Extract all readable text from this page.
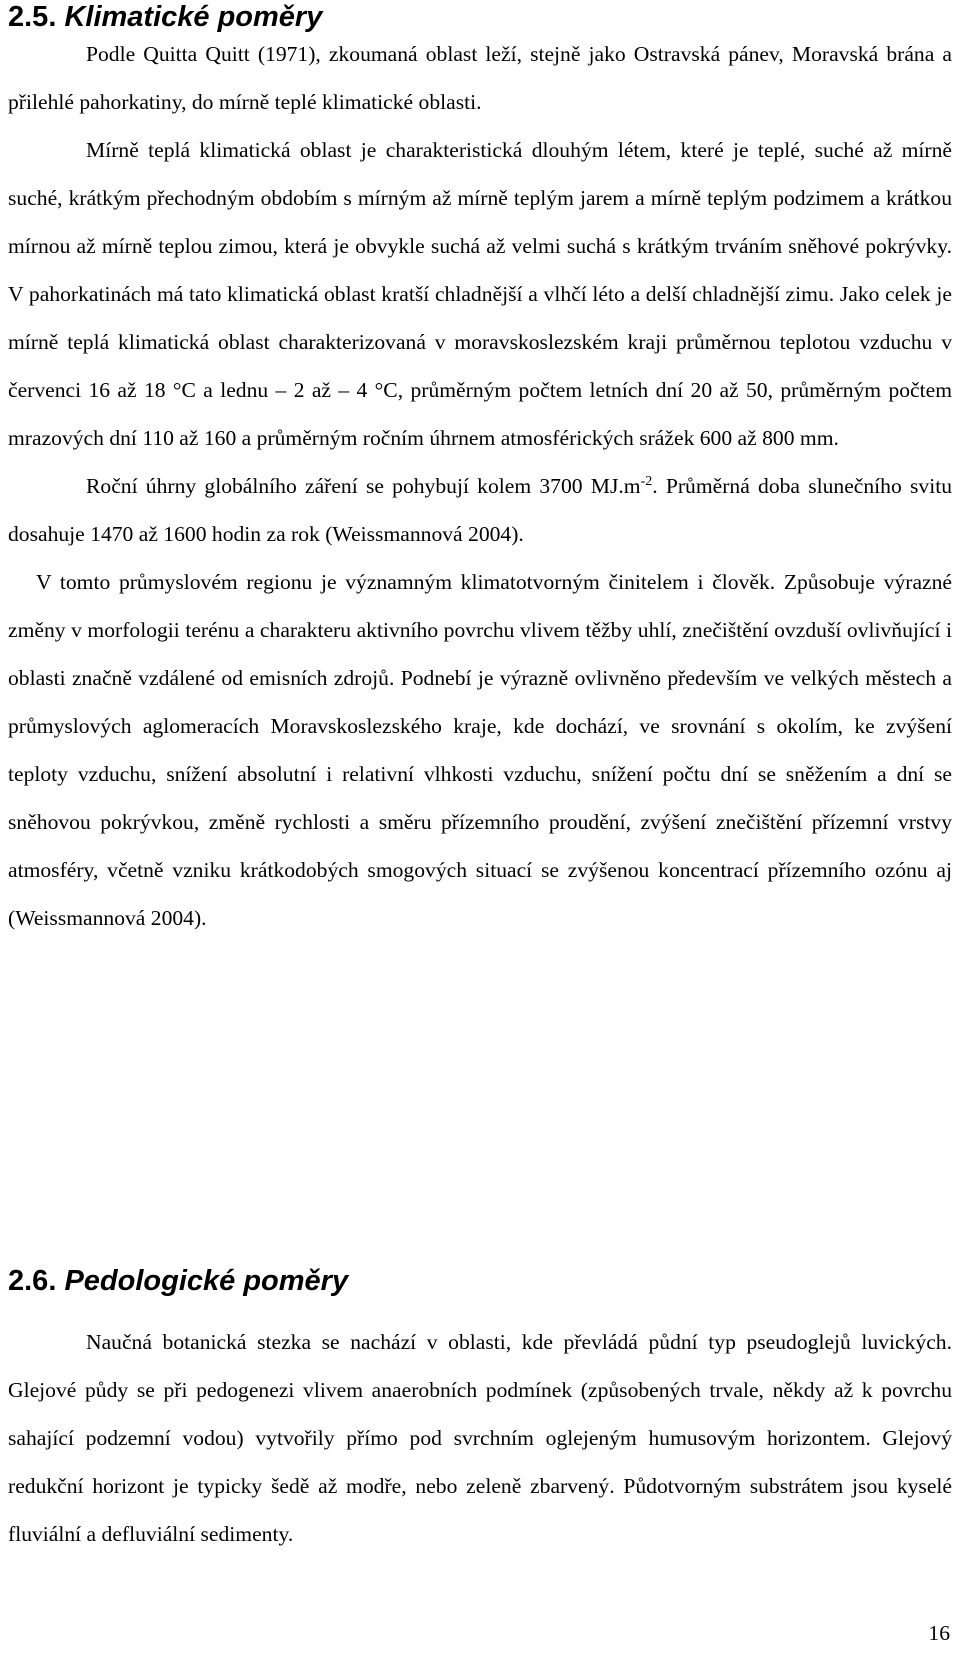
2.5. Klimatické poměry

Podle Quitta Quitt (1971), zkoumaná oblast leží, stejně jako Ostravská pánev, Moravská brána a přilehlé pahorkatiny, do mírně teplé klimatické oblasti.

Mírně teplá klimatická oblast je charakteristická dlouhým létem, které je teplé, suché až mírně suché, krátkým přechodným obdobím s mírným až mírně teplým jarem a mírně teplým podzimem a krátkou mírnou až mírně teplou zimou, která je obvykle suchá až velmi suchá s krátkým trváním sněhové pokrývky. V pahorkatinách má tato klimatická oblast kratší chladnější a vlhčí léto a delší chladnější zimu. Jako celek je mírně teplá klimatická oblast charakterizovaná v moravskoslezském kraji průměrnou teplotou vzduchu v červenci 16 až 18 °C a lednu – 2 až – 4 °C, průměrným počtem letních dní 20 až 50, průměrným počtem mrazových dní 110 až 160 a průměrným ročním úhrnem atmosférických srážek 600 až 800 mm.

Roční úhrny globálního záření se pohybují kolem 3700 $MJ.m^{-2}$. Průměrná doba slunečního svitu dosahuje 1470 až 1600 hodin za rok (Weissmannová 2004).

V tomto průmyslovém regionu je významným klimatotvorným činitelem i člověk. Způsobuje výrazné změny v morfologii terénu a charakteru aktivního povrchu vlivem těžby uhlí, znečištění ovzduší ovlivňující i oblasti značně vzdálené od emisních zdrojů. Podnebí je výrazně ovlivněno především ve velkých městech a průmyslových aglomeracích Moravskoslezského kraje, kde dochází, ve srovnání s okolím, ke zvýšení teploty vzduchu, snížení absolutní i relativní vlhkosti vzduchu, snížení počtu dní se sněžením a dní se sněhovou pokrývkou, změně rychlosti a směru přízemního proudění, zvýšení znečištění přízemní vrstvy atmosféry, včetně vzniku krátkodobých smogových situací se zvýšenou koncentrací přízemního ozónu aj (Weissmannová 2004).

2.6. Pedologické poměry

Naučná botanická stezka se nachází v oblasti, kde převládá půdní typ pseudoglejů luvických. Glejové půdy se při pedogenezi vlivem anaerobních podmínek (způsobených trvale, někdy až k povrchu sahající podzemní vodou) vytvořily přímo pod svrchním oglejeným humusovým horizontem. Glejový redukční horizont je typicky šedě až modře, nebo zeleně zbarvený. Půdotvorným substrátem jsou kyselé fluviální a defluviální sedimenty.

16
